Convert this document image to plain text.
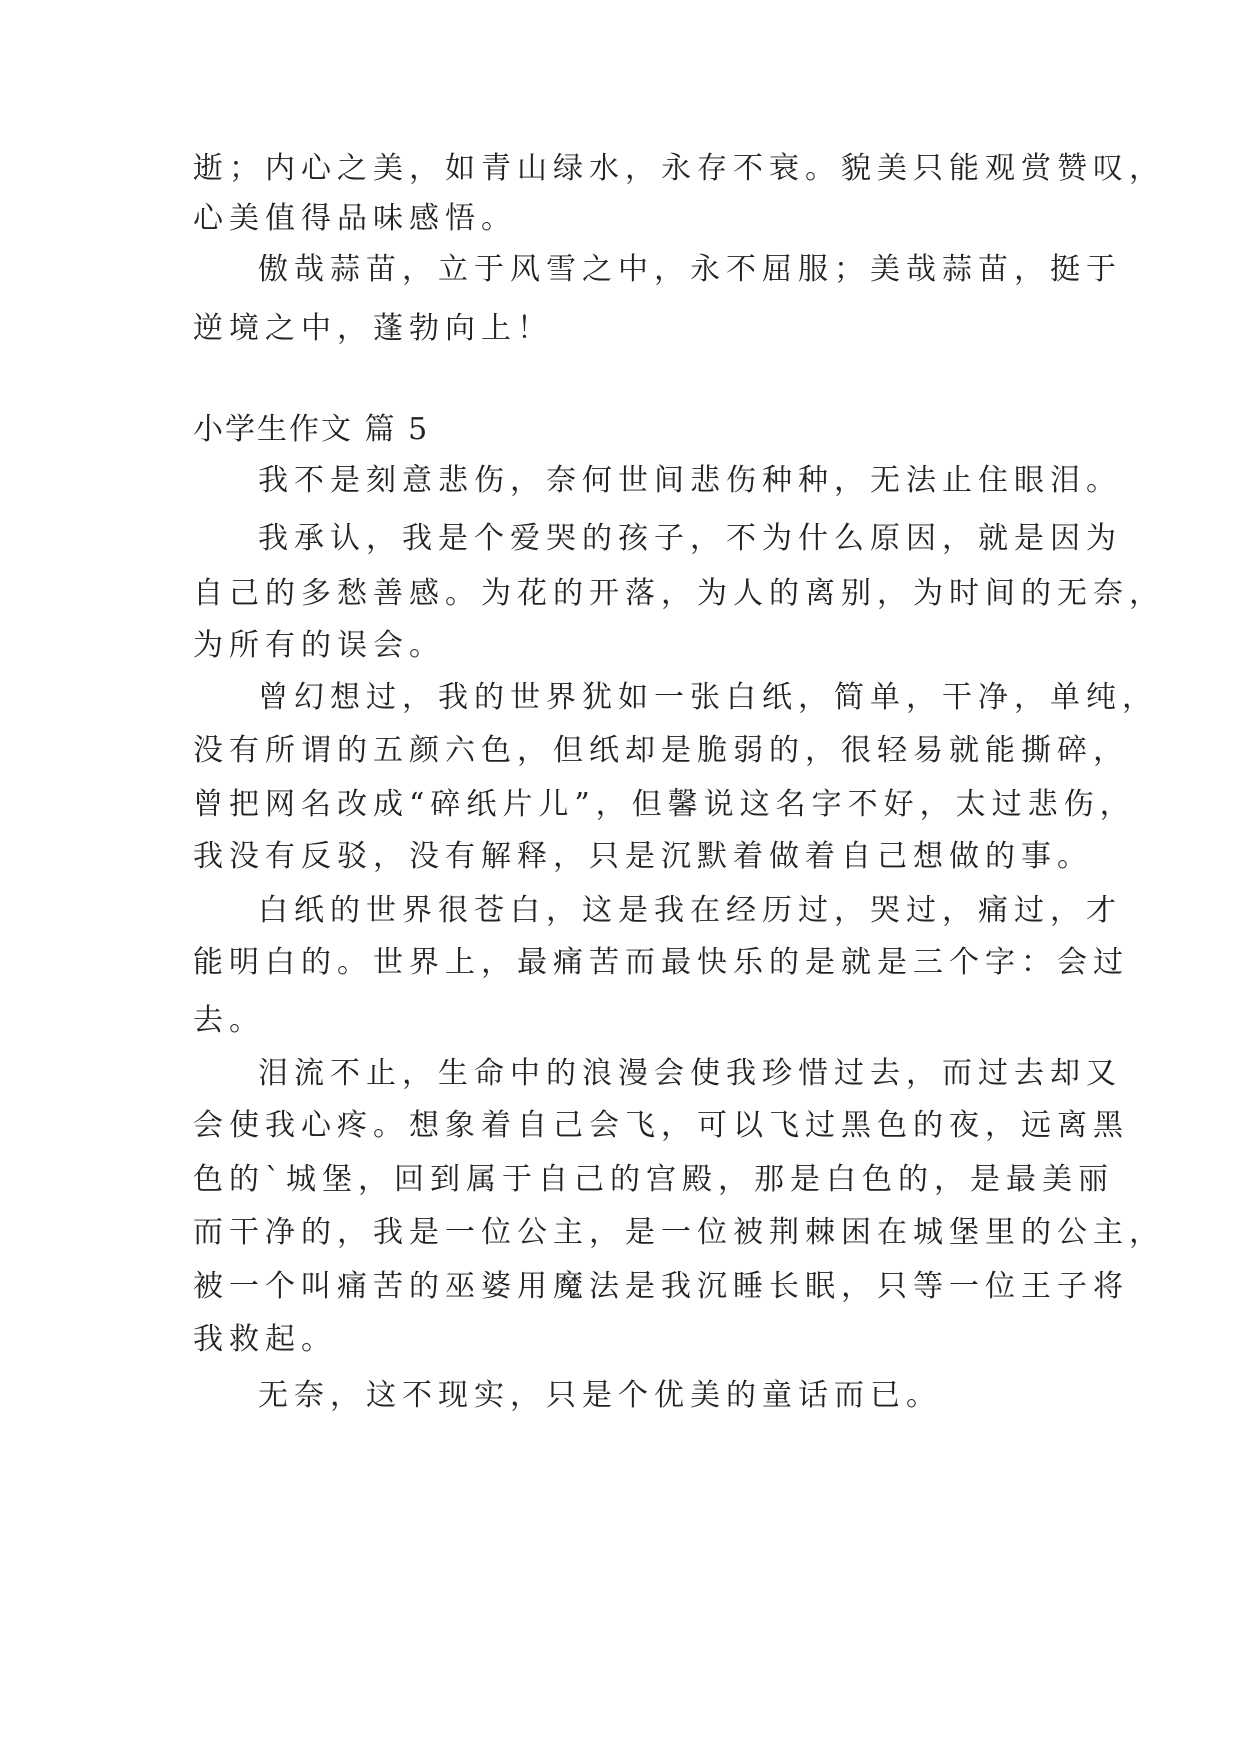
逝；内心之美，如青山绿水，永存不衰。貌美只能观赏赞叹，
心美值得品味感悟。
傲哉蒜苗，立于风雪之中，永不屈服；美哉蒜苗，挺于
逆境之中，蓬勃向上！
小学生作文 篇 5
我不是刻意悲伤，奈何世间悲伤种种，无法止住眼泪。
我承认，我是个爱哭的孩子，不为什么原因，就是因为
自己的多愁善感。为花的开落，为人的离别，为时间的无奈，
为所有的误会。
曾幻想过，我的世界犹如一张白纸，简单，干净，单纯，
没有所谓的五颜六色，但纸却是脆弱的，很轻易就能撕碎，
曾把网名改成“碎纸片儿”，但馨说这名字不好，太过悲伤，
我没有反驳，没有解释，只是沉默着做着自己想做的事。
白纸的世界很苍白，这是我在经历过，哭过，痛过，才
能明白的。世界上，最痛苦而最快乐的是就是三个字：会过
去。
泪流不止，生命中的浪漫会使我珍惜过去，而过去却又
会使我心疼。想象着自己会飞，可以飞过黑色的夜，远离黑
色的`城堡，回到属于自己的宫殿，那是白色的，是最美丽
而干净的，我是一位公主，是一位被荆棘困在城堡里的公主，
被一个叫痛苦的巫婆用魔法是我沉睡长眠，只等一位王子将
我救起。
无奈，这不现实，只是个优美的童话而已。
